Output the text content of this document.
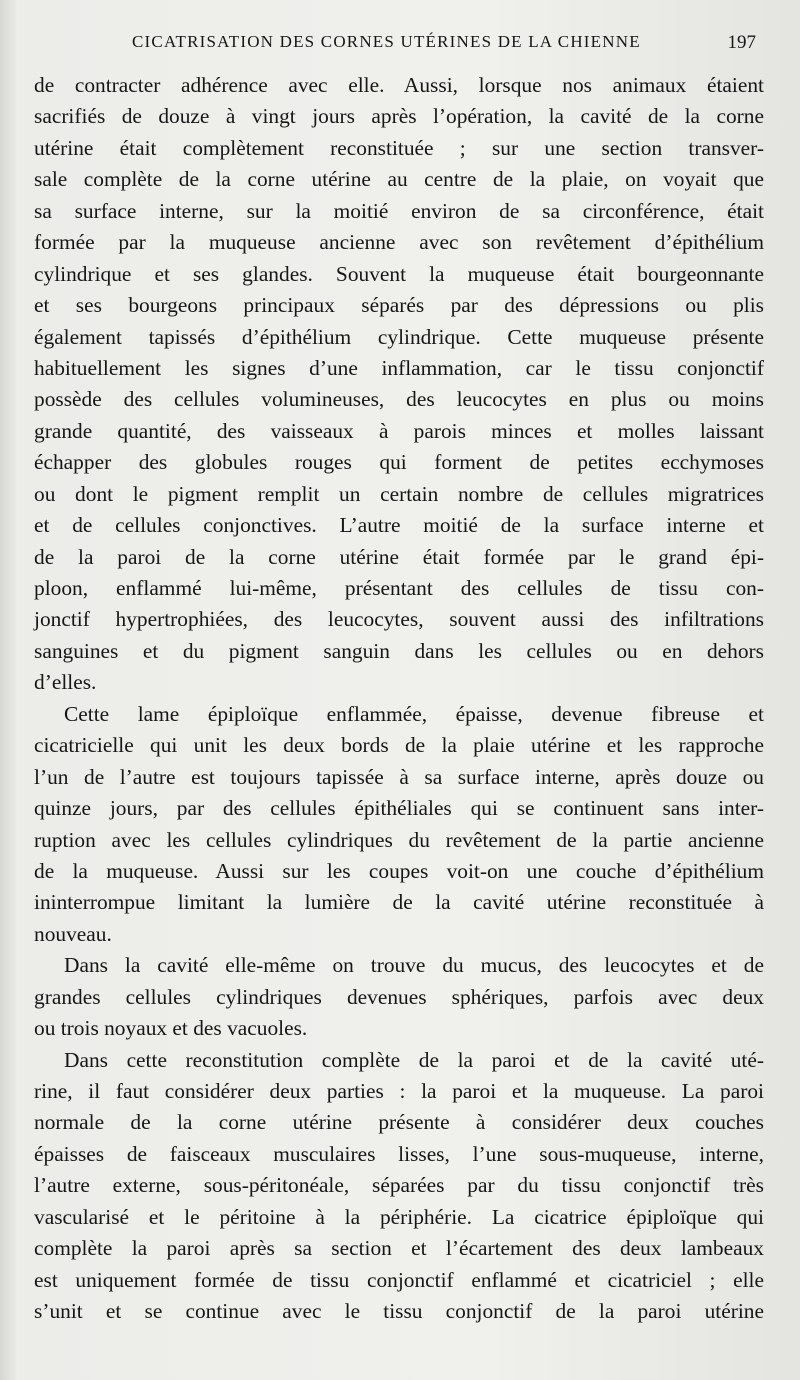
CICATRISATION DES CORNES UTÉRINES DE LA CHIENNE	197
de contracter adhérence avec elle. Aussi, lorsque nos animaux étaient
sacrifiés de douze à vingt jours après l’opération, la cavité de la corne
utérine était complètement reconstituée ; sur une section transver-
sale complète de la corne utérine au centre de la plaie, on voyait que
sa surface interne, sur la moitié environ de sa circonférence, était
formée par la muqueuse ancienne avec son revêtement d’épithélium
cylindrique et ses glandes. Souvent la muqueuse était bourgeonnante
et ses bourgeons principaux séparés par des dépressions ou plis
également tapissés d’épithélium cylindrique. Cette muqueuse présente
habituellement les signes d’une inflammation, car le tissu conjonctif
possède des cellules volumineuses, des leucocytes en plus ou moins
grande quantité, des vaisseaux à parois minces et molles laissant
échapper des globules rouges qui forment de petites ecchymoses
ou dont le pigment remplit un certain nombre de cellules migratrices
et de cellules conjonctives. L’autre moitié de la surface interne et
de la paroi de la corne utérine était formée par le grand épi-
ploon, enflammé lui-même, présentant des cellules de tissu con-
jonctif hypertrophiées, des leucocytes, souvent aussi des infiltrations
sanguines et du pigment sanguin dans les cellules ou en dehors
d’elles.
Cette lame épiploïque enflammée, épaisse, devenue fibreuse et
cicatricielle qui unit les deux bords de la plaie utérine et les rapproche
l’un de l’autre est toujours tapissée à sa surface interne, après douze ou
quinze jours, par des cellules épithéliales qui se continuent sans inter-
ruption avec les cellules cylindriques du revêtement de la partie ancienne
de la muqueuse. Aussi sur les coupes voit-on une couche d’épithélium
ininterrompue limitant la lumière de la cavité utérine reconstituée à
nouveau.
Dans la cavité elle-même on trouve du mucus, des leucocytes et de
grandes cellules cylindriques devenues sphériques, parfois avec deux
ou trois noyaux et des vacuoles.
Dans cette reconstitution complète de la paroi et de la cavité uté-
rine, il faut considérer deux parties : la paroi et la muqueuse. La paroi
normale de la corne utérine présente à considérer deux couches
épaisses de faisceaux musculaires lisses, l’une sous-muqueuse, interne,
l’autre externe, sous-péritonéale, séparées par du tissu conjonctif très
vascularisé et le péritoine à la périphérie. La cicatrice épiploïque qui
complète la paroi après sa section et l’écartement des deux lambeaux
est uniquement formée de tissu conjonctif enflammé et cicatriciel ; elle
s’unit et se continue avec le tissu conjonctif de la paroi utérine
